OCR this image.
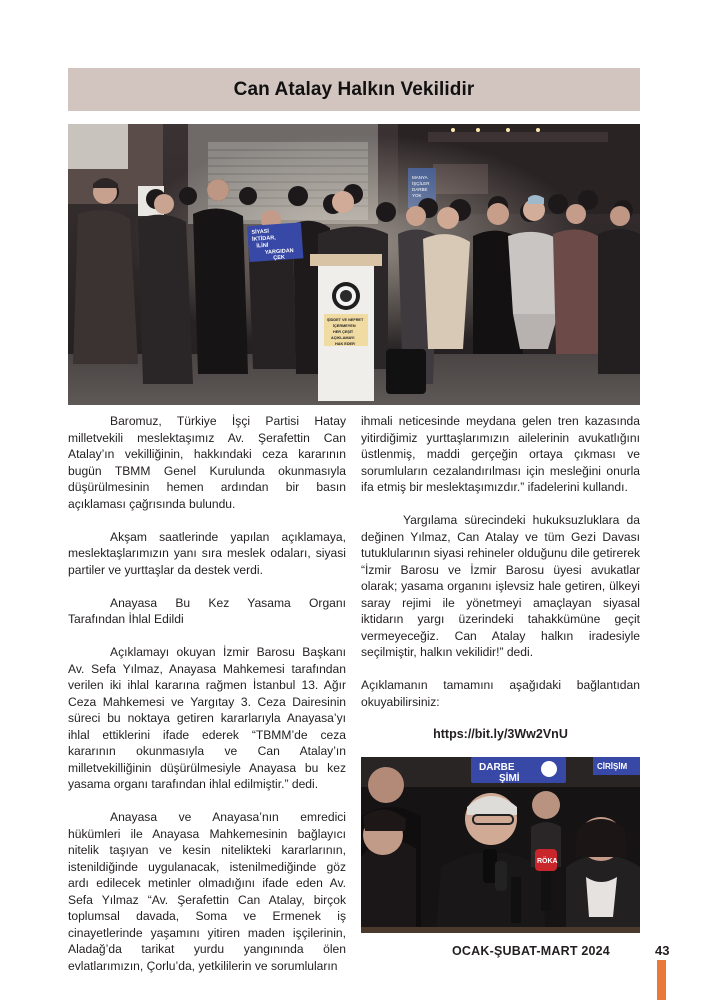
Can Atalay Halkın Vekilidir
SİYASİ
İKTİDAR,
İLİNİ
YARGIDAN
ÇEK
ŞİDDET VE NEFRET
İÇERMEYEN
HER ÇEŞİT
AÇIKLAMAYI
HAK EDER

Baromuz, Türkiye İşçi Partisi Hatay milletvekili meslektaşımız Av. Şerafettin Can Atalay’ın vekilliğinin, hakkındaki ceza kararının bugün TBMM Genel Kurulunda okunmasıyla düşürülmesinin hemen ardından bir basın açıklaması çağrısında bulundu.

Akşam saatlerinde yapılan açıklamaya, meslektaşlarımızın yanı sıra meslek odaları, siyasi partiler ve yurttaşlar da destek verdi.

Anayasa Bu Kez Yasama Organı Tarafından İhlal Edildi

Açıklamayı okuyan İzmir Barosu Başkanı Av. Sefa Yılmaz, Anayasa Mahkemesi tarafından verilen iki ihlal kararına rağmen İstanbul 13. Ağır Ceza Mahkemesi ve Yargıtay 3. Ceza Dairesinin süreci bu noktaya getiren kararlarıyla Anayasa’yı ihlal ettiklerini ifade ederek “TBMM’de ceza kararının okunmasıyla ve Can Atalay’ın milletvekilliğinin düşürülmesiyle Anayasa bu kez yasama organı tarafından ihlal edilmiştir.” dedi.

Anayasa ve Anayasa’nın emredici hükümleri ile Anayasa Mahkemesinin bağlayıcı nitelik taşıyan ve kesin nitelikteki kararlarının, istenildiğinde uygulanacak, istenilmediğinde göz ardı edilecek metinler olmadığını ifade eden Av. Sefa Yılmaz “Av. Şerafettin Can Atalay, birçok toplumsal davada, Soma ve Ermenek iş cinayetlerinde yaşamını yitiren maden işçilerinin, Aladağ’da tarikat yurdu yangınında ölen evlatlarımızın, Çorlu’da, yetkililerin ve sorumluların

ihmali neticesinde meydana gelen tren kazasında yitirdiğimiz yurttaşlarımızın ailelerinin avukatlığını üstlenmiş, maddi gerçeğin ortaya çıkması ve sorumluların cezalandırılması için mesleğini onurla ifa etmiş bir meslektaşımızdır.” ifadelerini kullandı.

Yargılama sürecindeki hukuksuzluklara da değinen Yılmaz, Can Atalay ve tüm Gezi Davası tutuklularının siyasi rehineler olduğunu dile getirerek “İzmir Barosu ve İzmir Barosu üyesi avukatlar olarak; yasama organını işlevsiz hale getiren, ülkeyi saray rejimi ile yönetmeyi amaçlayan siyasal iktidarın yargı üzerindeki tahakkümüne geçit vermeyeceğiz. Can Atalay halkın iradesiyle seçilmiştir, halkın vekilidir!” dedi.

Açıklamanın tamamını aşağıdaki bağlantıdan okuyabilirsiniz:

https://bit.ly/3Ww2VnU

DARBE
ŞİMİ
CİRİŞİM
RÖKA
OCAK-ŞUBAT-MART 2024	43
